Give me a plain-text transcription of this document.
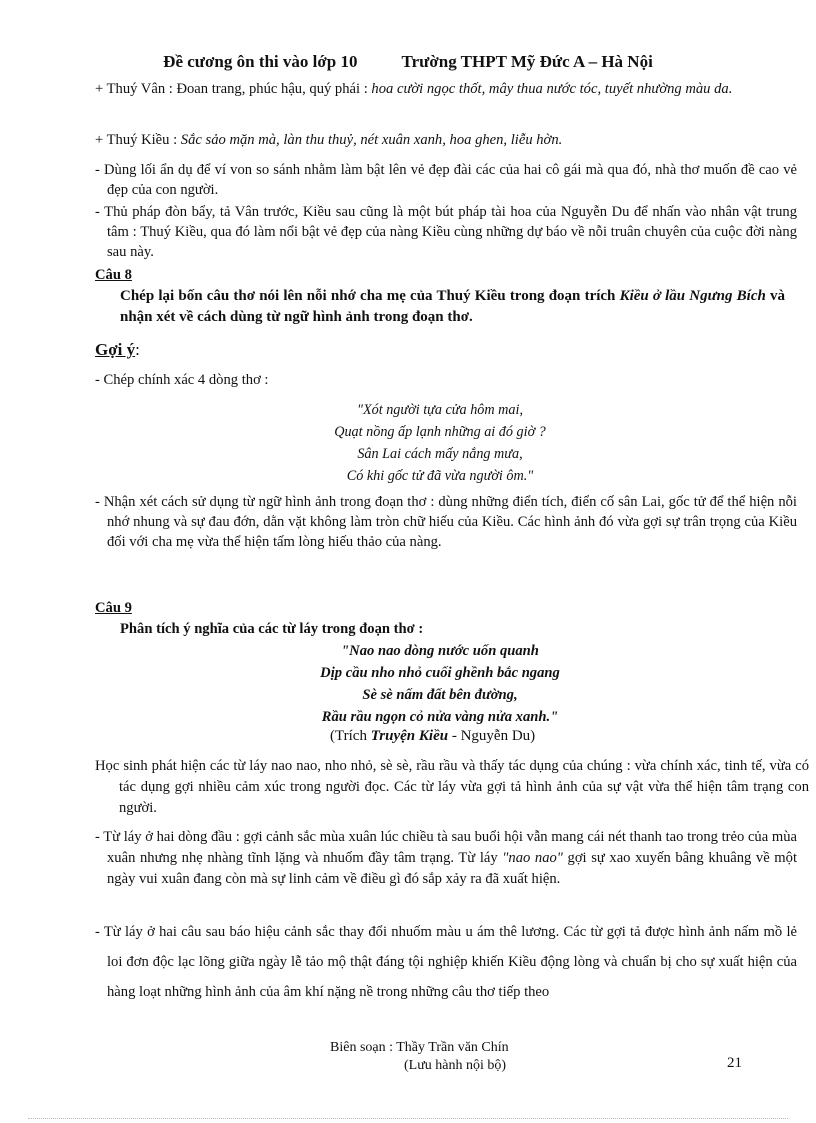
Đề cương ôn thi vào lớp 10	Trường THPT Mỹ Đức A – Hà Nội
+ Thuý Vân : Đoan trang, phúc hậu, quý phái : hoa cười ngọc thốt, mây thua nước tóc, tuyết nhường màu da.
+ Thuý Kiều : Sắc sảo mặn mà, làn thu thuỷ, nét xuân xanh, hoa ghen, liễu hờn.
- Dùng lối ẩn dụ để ví von so sánh nhằm làm bật lên vẻ đẹp đài các của hai cô gái mà qua đó, nhà thơ muốn đề cao vẻ đẹp của con người.
- Thủ pháp đòn bẩy, tả Vân trước, Kiều sau cũng là một bút pháp tài hoa của Nguyễn Du để nhấn vào nhân vật trung tâm : Thuý Kiều, qua đó làm nổi bật vẻ đẹp của nàng Kiều cùng những dự báo về nỗi truân chuyên của cuộc đời nàng sau này.
Câu 8
Chép lại bốn câu thơ nói lên nỗi nhớ cha mẹ của Thuý Kiều trong đoạn trích Kiều ở lầu Ngưng Bích và nhận xét về cách dùng từ ngữ hình ảnh trong đoạn thơ.
Gợi ý:
- Chép chính xác 4 dòng thơ :
"Xót người tựa cửa hôm mai,
Quạt nồng ấp lạnh những ai đó giờ ?
Sân Lai cách mấy nắng mưa,
Có khi gốc tử đã vừa người ôm."
- Nhận xét cách sử dụng từ ngữ hình ảnh trong đoạn thơ : dùng những điển tích, điển cố sân Lai, gốc tử để thể hiện nỗi nhớ nhung và sự đau đớn, dằn vặt không làm tròn chữ hiếu của Kiều. Các hình ảnh đó vừa gợi sự trân trọng của Kiều đối với cha mẹ vừa thể hiện tấm lòng hiếu thảo của nàng.
Câu 9
Phân tích ý nghĩa của các từ láy trong đoạn thơ :
"Nao nao dòng nước uốn quanh
Dịp cầu nho nhỏ cuối ghềnh bắc ngang
Sè sè nấm đất bên đường,
Rầu rầu ngọn cỏ nửa vàng nửa xanh."
(Trích Truyện Kiều - Nguyễn Du)
Học sinh phát hiện các từ láy nao nao, nho nhỏ, sè sè, rầu rầu và thấy tác dụng của chúng : vừa chính xác, tinh tế, vừa có tác dụng gợi nhiều cảm xúc trong người đọc. Các từ láy vừa gợi tả hình ảnh của sự vật vừa thể hiện tâm trạng con người.
- Từ láy ở hai dòng đầu : gợi cảnh sắc mùa xuân lúc chiều tà sau buổi hội vẫn mang cái nét thanh tao trong trẻo của mùa xuân nhưng nhẹ nhàng tĩnh lặng và nhuốm đầy tâm trạng. Từ láy "nao nao" gợi sự xao xuyến bâng khuâng về một ngày vui xuân đang còn mà sự linh cảm về điều gì đó sắp xảy ra đã xuất hiện.
- Từ láy ở hai câu sau báo hiệu cảnh sắc thay đổi nhuốm màu u ám thê lương. Các từ gợi tả được hình ảnh nấm mồ lẻ loi đơn độc lạc lõng giữa ngày lễ tảo mộ thật đáng tội nghiệp khiến Kiều động lòng và chuẩn bị cho sự xuất hiện của hàng loạt những hình ảnh của âm khí nặng nề trong những câu thơ tiếp theo
Biên soạn : Thầy Trần văn Chín
(Lưu hành nội bộ)	21
